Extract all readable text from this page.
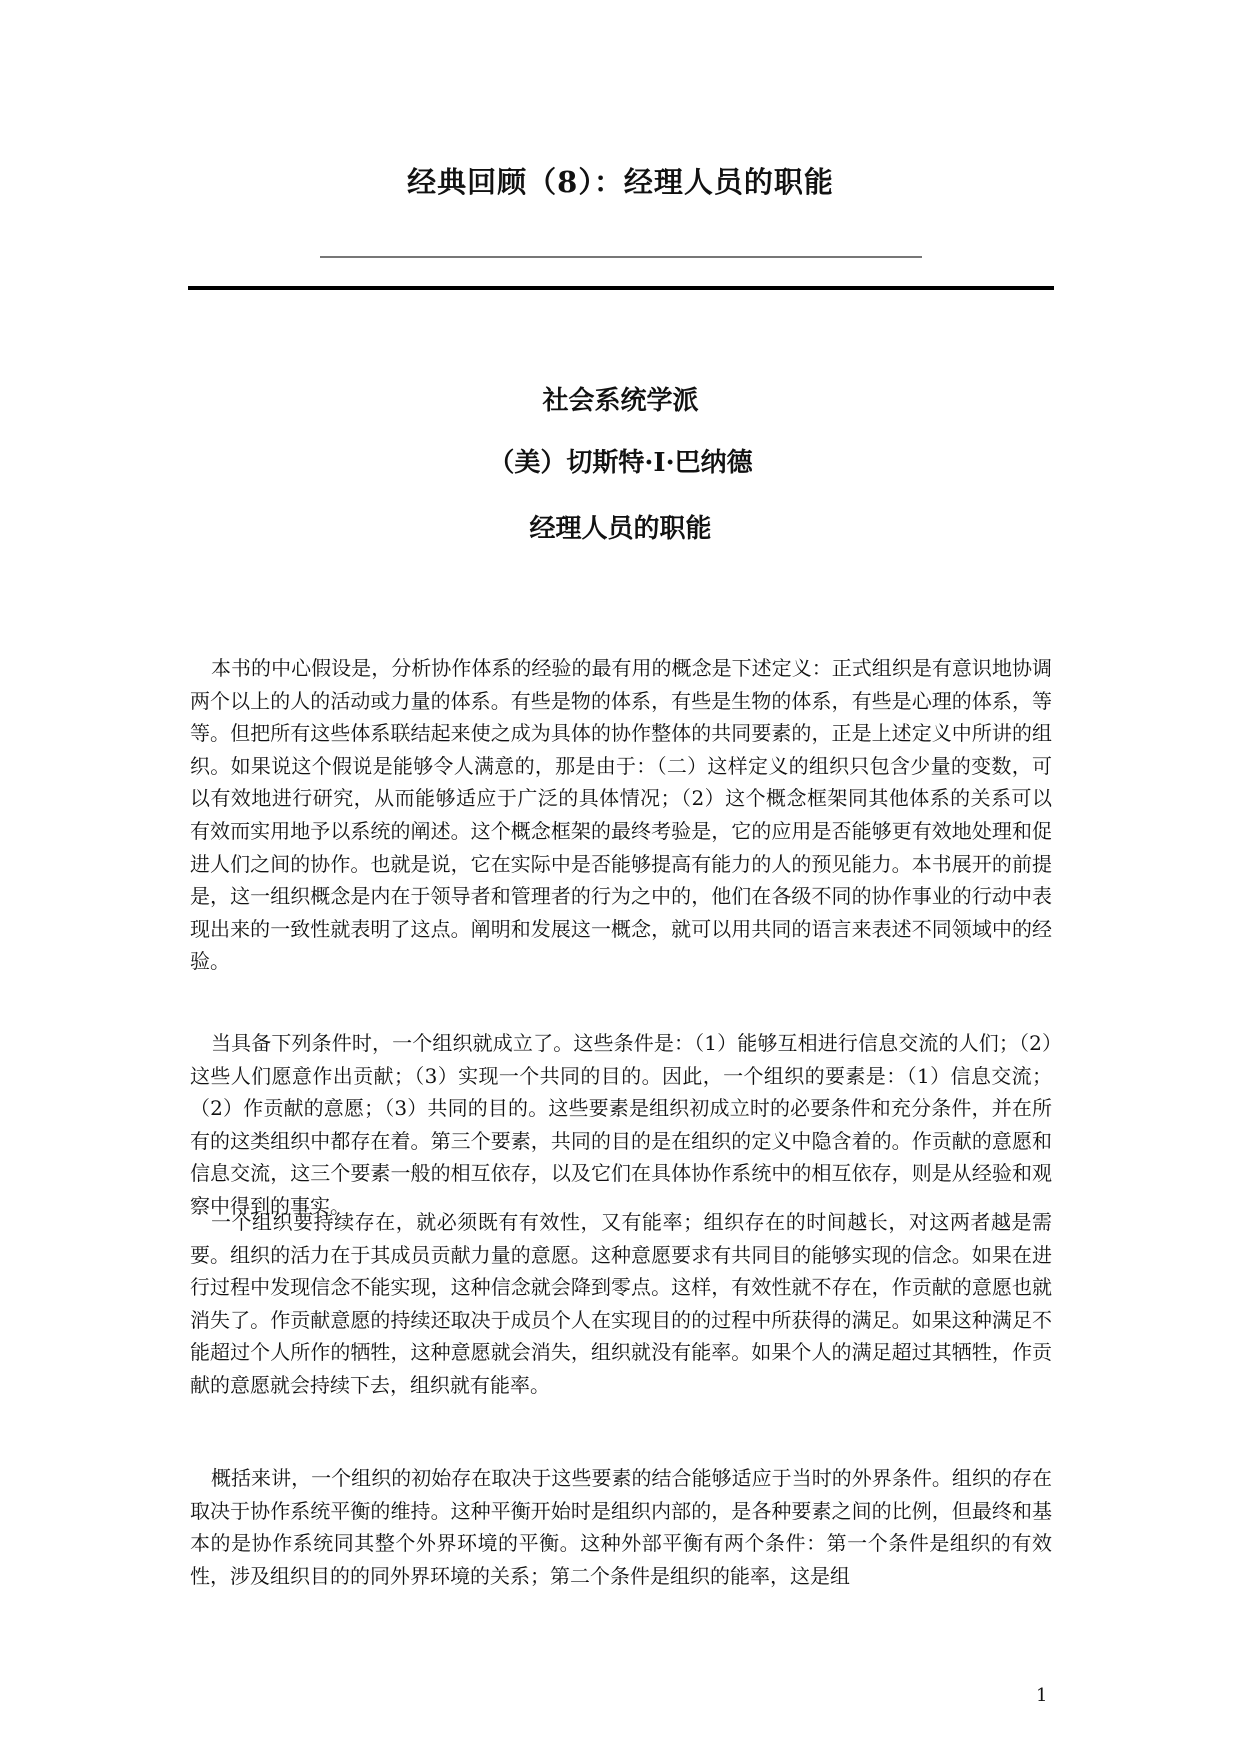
经典回顾（8）：经理人员的职能
社会系统学派
（美）切斯特·I·巴纳德
经理人员的职能

本书的中心假设是，分析协作体系的经验的最有用的概念是下述定义：正式组织是有意识地协调两个以上的人的活动或力量的体系。有些是物的体系，有些是生物的体系，有些是心理的体系，等等。但把所有这些体系联结起来使之成为具体的协作整体的共同要素的，正是上述定义中所讲的组织。如果说这个假说是能够令人满意的，那是由于：（二）这样定义的组织只包含少量的变数，可以有效地进行研究，从而能够适应于广泛的具体情况；（2）这个概念框架同其他体系的关系可以有效而实用地予以系统的阐述。这个概念框架的最终考验是，它的应用是否能够更有效地处理和促进人们之间的协作。也就是说，它在实际中是否能够提高有能力的人的预见能力。本书展开的前提是，这一组织概念是内在于领导者和管理者的行为之中的，他们在各级不同的协作事业的行动中表现出来的一致性就表明了这点。阐明和发展这一概念，就可以用共同的语言来表述不同领域中的经验。

当具备下列条件时，一个组织就成立了。这些条件是：（1）能够互相进行信息交流的人们；（2）这些人们愿意作出贡献；（3）实现一个共同的目的。因此，一个组织的要素是：（1）信息交流；（2）作贡献的意愿；（3）共同的目的。这些要素是组织初成立时的必要条件和充分条件，并在所有的这类组织中都存在着。第三个要素，共同的目的是在组织的定义中隐含着的。作贡献的意愿和信息交流，这三个要素一般的相互依存，以及它们在具体协作系统中的相互依存，则是从经验和观察中得到的事实。

一个组织要持续存在，就必须既有有效性，又有能率；组织存在的时间越长，对这两者越是需要。组织的活力在于其成员贡献力量的意愿。这种意愿要求有共同目的能够实现的信念。如果在进行过程中发现信念不能实现，这种信念就会降到零点。这样，有效性就不存在，作贡献的意愿也就消失了。作贡献意愿的持续还取决于成员个人在实现目的的过程中所获得的满足。如果这种满足不能超过个人所作的牺牲，这种意愿就会消失，组织就没有能率。如果个人的满足超过其牺牲，作贡献的意愿就会持续下去，组织就有能率。

概括来讲，一个组织的初始存在取决于这些要素的结合能够适应于当时的外界条件。组织的存在取决于协作系统平衡的维持。这种平衡开始时是组织内部的，是各种要素之间的比例，但最终和基本的是协作系统同其整个外界环境的平衡。这种外部平衡有两个条件：第一个条件是组织的有效性，涉及组织目的的同外界环境的关系；第二个条件是组织的能率，这是组

1
